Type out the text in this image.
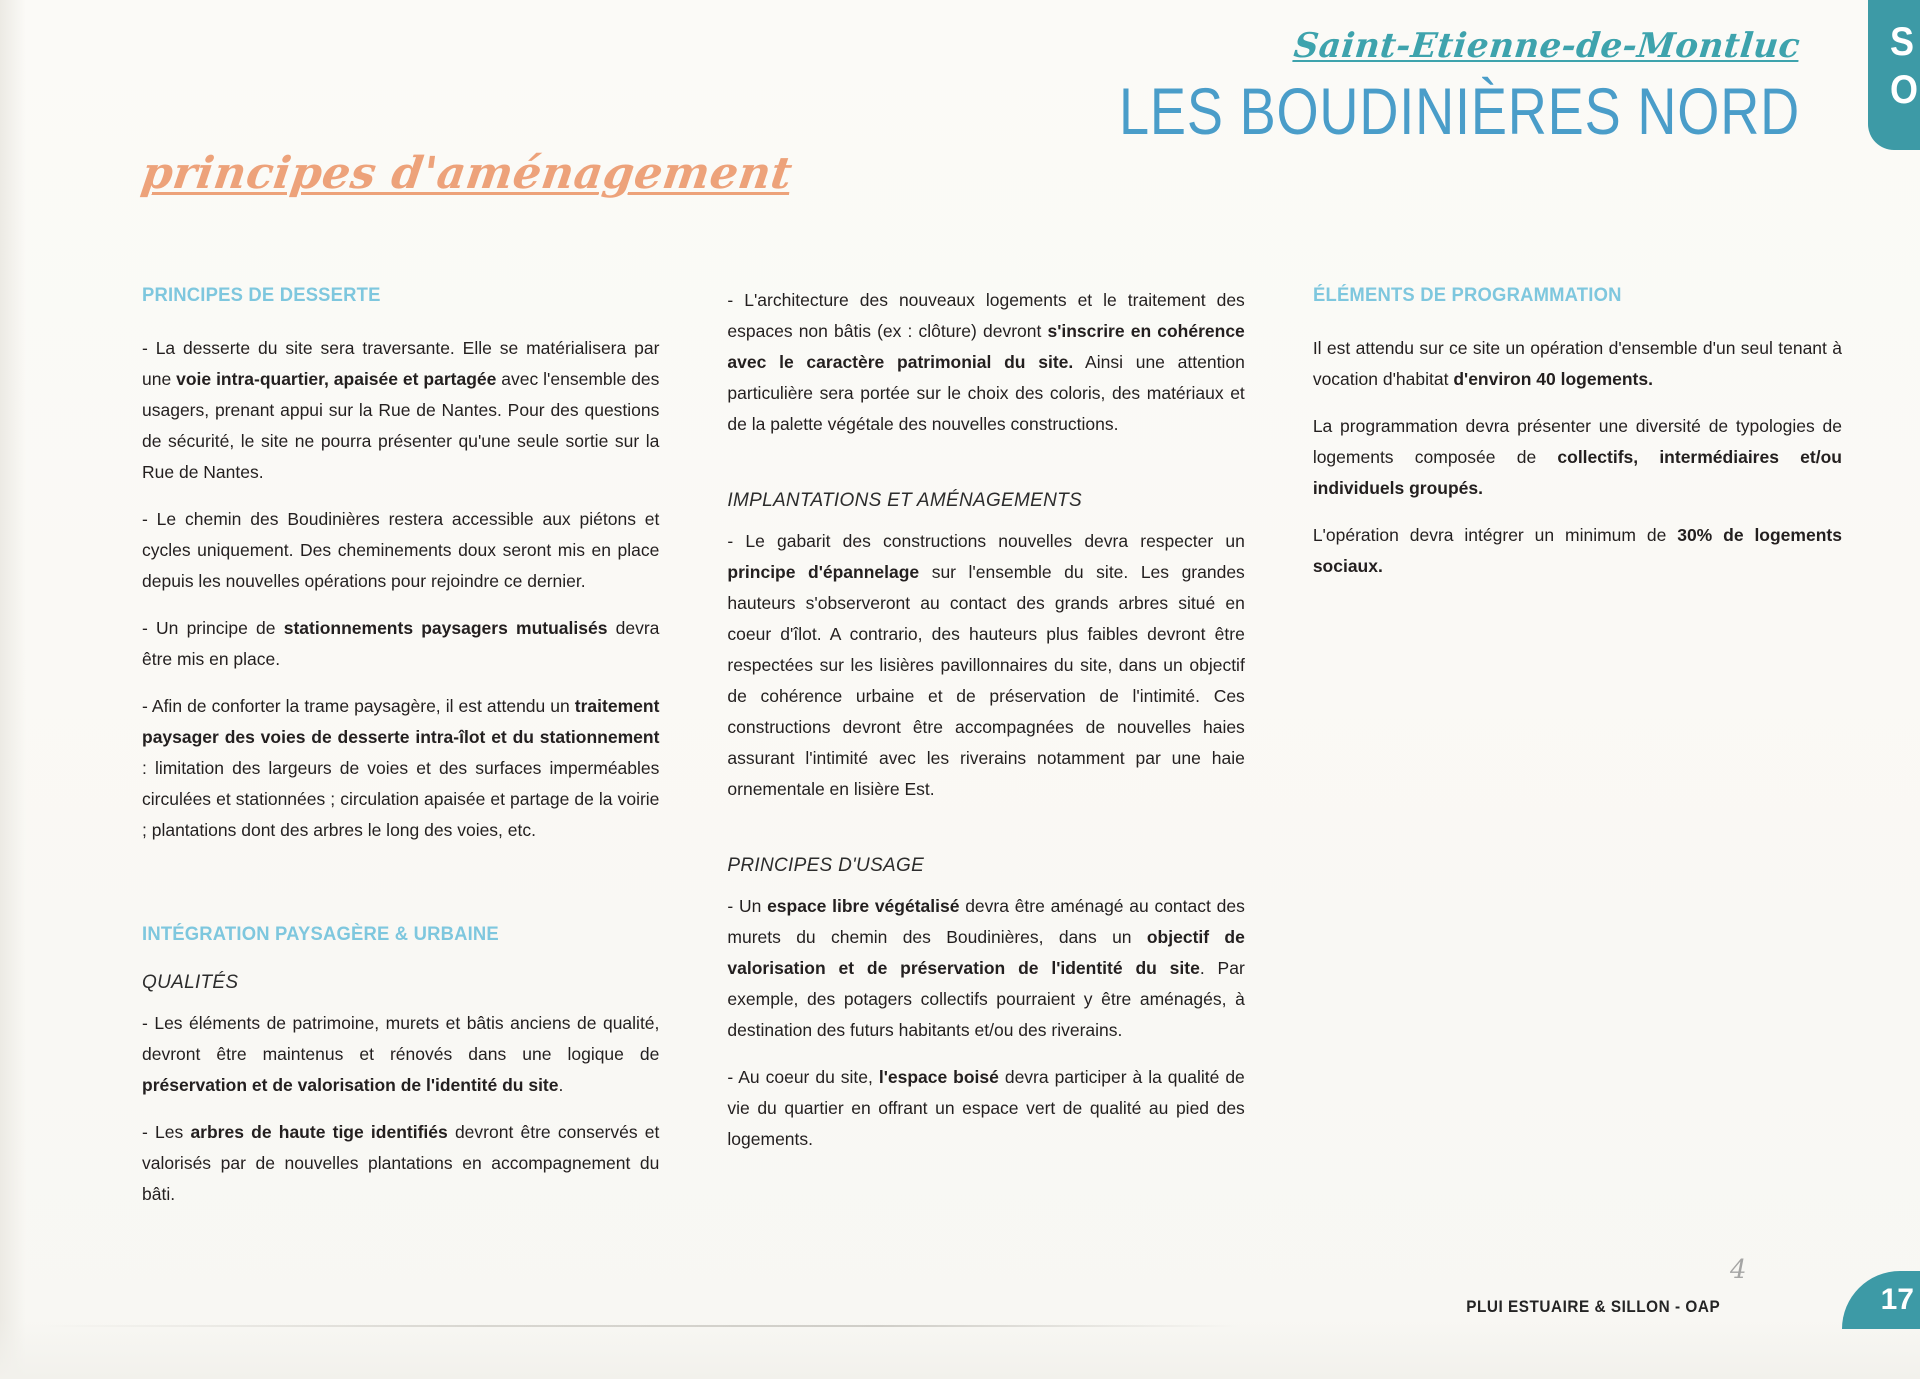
Saint-Etienne-de-Montluc
LES BOUDINIÈRES NORD
S
O
principes d'aménagement
PRINCIPES DE DESSERTE

- La desserte du site sera traversante. Elle se matérialisera par une voie intra-quartier, apaisée et partagée avec l'ensemble des usagers, prenant appui sur la Rue de Nantes. Pour des questions de sécurité, le site ne pourra présenter qu'une seule sortie sur la Rue de Nantes.

- Le chemin des Boudinières restera accessible aux piétons et cycles uniquement. Des cheminements doux seront mis en place depuis les nouvelles opérations pour rejoindre ce dernier.

- Un principe de stationnements paysagers mutualisés devra être mis en place.

- Afin de conforter la trame paysagère, il est attendu un traitement paysager des voies de desserte intra-îlot et du stationnement : limitation des largeurs de voies et des surfaces imperméables circulées et stationnées ; circulation apaisée et partage de la voirie ; plantations dont des arbres le long des voies, etc.

INTÉGRATION PAYSAGÈRE & URBAINE
QUALITÉS

- Les éléments de patrimoine, murets et bâtis anciens de qualité, devront être maintenus et rénovés dans une logique de préservation et de valorisation de l'identité du site.

- Les arbres de haute tige identifiés devront être conservés et valorisés par de nouvelles plantations en accompagnement du bâti.

- L'architecture des nouveaux logements et le traitement des espaces non bâtis (ex : clôture) devront s'inscrire en cohérence avec le caractère patrimonial du site. Ainsi une attention particulière sera portée sur le choix des coloris, des matériaux et de la palette végétale des nouvelles constructions.

IMPLANTATIONS ET AMÉNAGEMENTS

- Le gabarit des constructions nouvelles devra respecter un principe d'épannelage sur l'ensemble du site. Les grandes hauteurs s'observeront au contact des grands arbres situé en coeur d'îlot. A contrario, des hauteurs plus faibles devront être respectées sur les lisières pavillonnaires du site, dans un objectif de cohérence urbaine et de préservation de l'intimité. Ces constructions devront être accompagnées de nouvelles haies assurant l'intimité avec les riverains notamment par une haie ornementale en lisière Est.

PRINCIPES D'USAGE

- Un espace libre végétalisé devra être aménagé au contact des murets du chemin des Boudinières, dans un objectif de valorisation et de préservation de l'identité du site. Par exemple, des potagers collectifs pourraient y être aménagés, à destination des futurs habitants et/ou des riverains.

- Au coeur du site, l'espace boisé devra participer à la qualité de vie du quartier en offrant un espace vert de qualité au pied des logements.

ÉLÉMENTS DE PROGRAMMATION

Il est attendu sur ce site un opération d'ensemble d'un seul tenant à vocation d'habitat d'environ 40 logements.

La programmation devra présenter une diversité de typologies de logements composée de collectifs, intermédiaires et/ou individuels groupés.

L'opération devra intégrer un minimum de 30% de logements sociaux.

4
PLUI ESTUAIRE & SILLON - OAP	17
